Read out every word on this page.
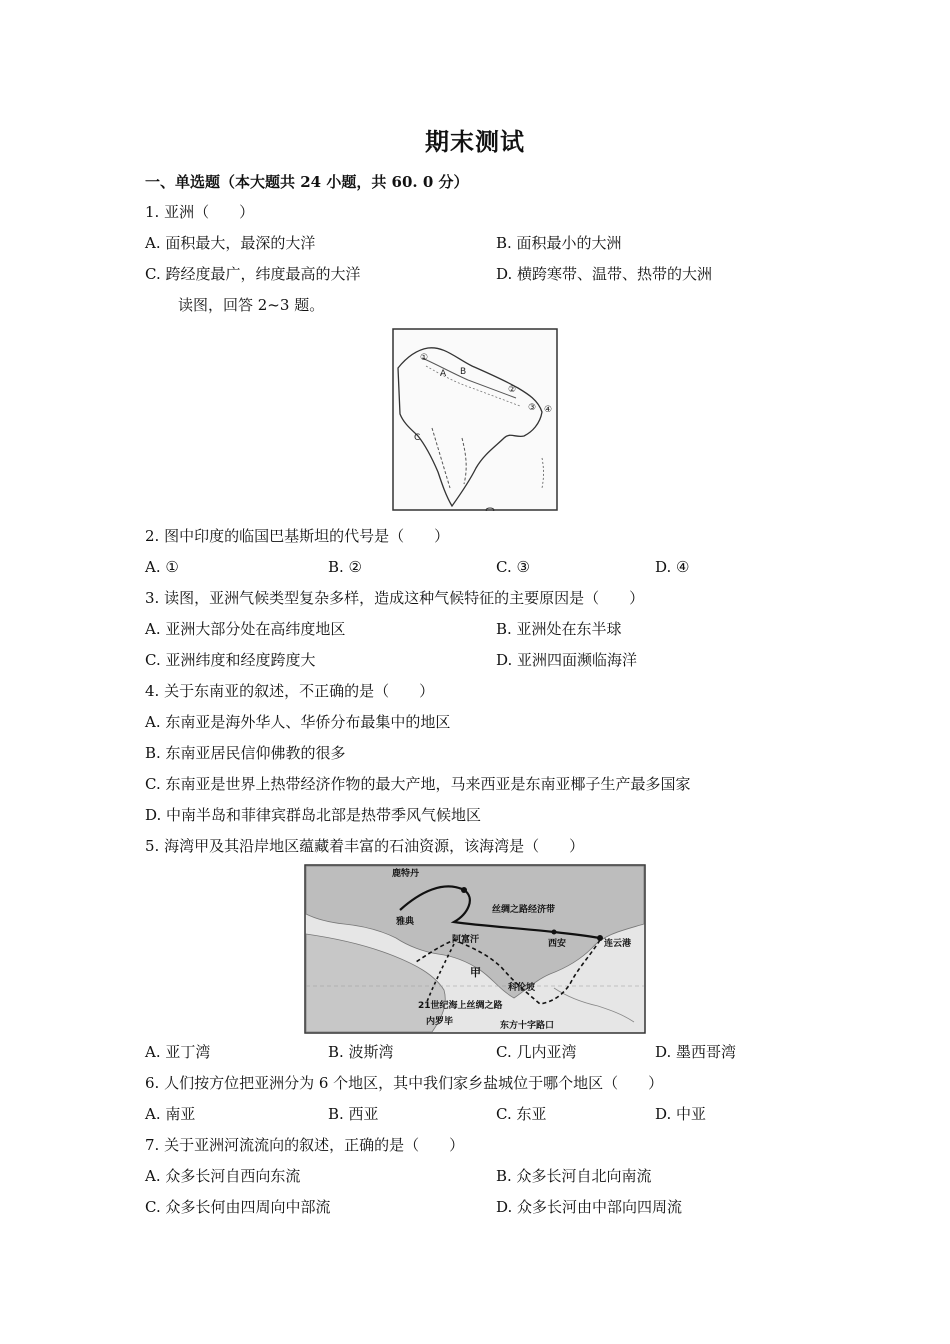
期末测试
一、单选题（本大题共 24 小题，共 60. 0 分）
1. 亚洲（　　）
A. 面积最大，最深的大洋	B. 面积最小的大洲
C. 跨经度最广，纬度最高的大洋	D. 横跨寒带、温带、热带的大洲
读图，回答 2~3 题。
①
A B
C
②
③ ④
2. 图中印度的临国巴基斯坦的代号是（　　）
A. ①	B. ②	C. ③	D. ④
3. 读图，亚洲气候类型复杂多样，造成这种气候特征的主要原因是（　　）
A. 亚洲大部分处在高纬度地区	B. 亚洲处在东半球
C. 亚洲纬度和经度跨度大	D. 亚洲四面濒临海洋
4. 关于东南亚的叙述，不正确的是（　　）
A. 东南亚是海外华人、华侨分布最集中的地区
B. 东南亚居民信仰佛教的很多
C. 东南亚是世界上热带经济作物的最大产地，马来西亚是东南亚椰子生产最多国家
D. 中南半岛和菲律宾群岛北部是热带季风气候地区
5. 海湾甲及其沿岸地区蕴藏着丰富的石油资源，该海湾是（　　）
鹿特丹
丝绸之路经济带
西安	连云港
雅典
阿富汗
甲
科伦坡
21世纪海上丝绸之路
内罗毕	东方十字路口
A. 亚丁湾	B. 波斯湾	C. 几内亚湾	D. 墨西哥湾
6. 人们按方位把亚洲分为 6 个地区，其中我们家乡盐城位于哪个地区（　　）
A. 南亚	B. 西亚	C. 东亚	D. 中亚
7. 关于亚洲河流流向的叙述，正确的是（　　）
A. 众多长河自西向东流	B. 众多长河自北向南流
C. 众多长何由四周向中部流	D. 众多长河由中部向四周流
